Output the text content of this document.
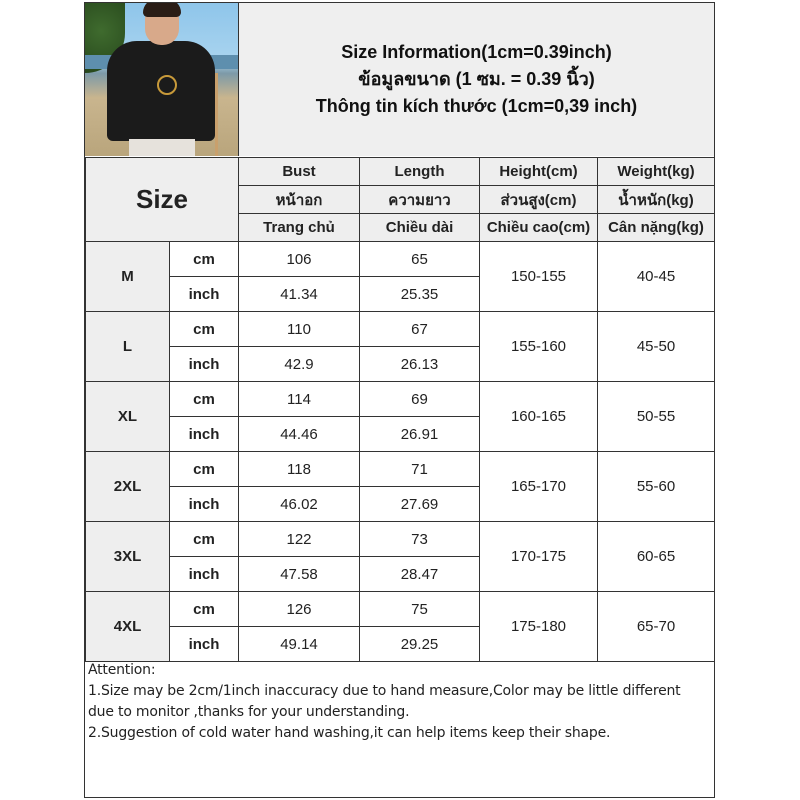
Size Information(1cm=0.39inch)
ข้อมูลขนาด (1 ซม. = 0.39 นิ้ว)
Thông tin kích thước (1cm=0,39 inch)
Size		Bust	Length	Height(cm)	Weight(kg)
		หน้าอก	ความยาว	ส่วนสูง(cm)	น้ำหนัก(kg)
		Trang chủ	Chiều dài	Chiều cao(cm)	Cân nặng(kg)
M	cm	106	65	150-155	40-45
	inch	41.34	25.35		
L	cm	110	67	155-160	45-50
	inch	42.9	26.13		
XL	cm	114	69	160-165	50-55
	inch	44.46	26.91		
2XL	cm	118	71	165-170	55-60
	inch	46.02	27.69		
3XL	cm	122	73	170-175	60-65
	inch	47.58	28.47		
4XL	cm	126	75	175-180	65-70
	inch	49.14	29.25		
Attention:
1.Size may be 2cm/1inch inaccuracy due to hand measure,Color may be little different
due to monitor ,thanks for your understanding.
2.Suggestion of cold water hand washing,it can help items keep their shape.
